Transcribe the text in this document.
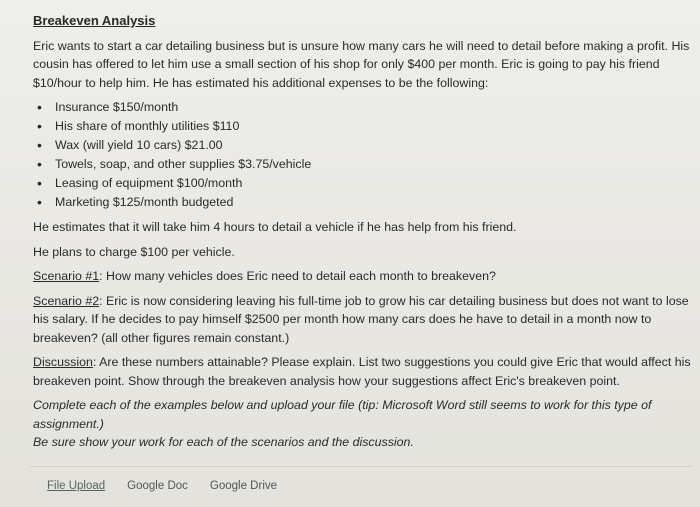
Breakeven Analysis

Eric wants to start a car detailing business but is unsure how many cars he will need to detail before making a profit. His cousin has offered to let him use a small section of his shop for only $400 per month. Eric is going to pay his friend $10/hour to help him. He has estimated his additional expenses to be the following:

• Insurance $150/month
• His share of monthly utilities $110
• Wax (will yield 10 cars) $21.00
• Towels, soap, and other supplies $3.75/vehicle
• Leasing of equipment $100/month
• Marketing $125/month budgeted

He estimates that it will take him 4 hours to detail a vehicle if he has help from his friend.

He plans to charge $100 per vehicle.

Scenario #1: How many vehicles does Eric need to detail each month to breakeven?

Scenario #2: Eric is now considering leaving his full-time job to grow his car detailing business but does not want to lose his salary. If he decides to pay himself $2500 per month how many cars does he have to detail in a month now to breakeven? (all other figures remain constant.)

Discussion: Are these numbers attainable? Please explain. List two suggestions you could give Eric that would affect his breakeven point. Show through the breakeven analysis how your suggestions affect Eric's breakeven point.

Complete each of the examples below and upload your file (tip: Microsoft Word still seems to work for this type of assignment.)

Be sure show your work for each of the scenarios and the discussion.

File Upload Google Doc Google Drive
